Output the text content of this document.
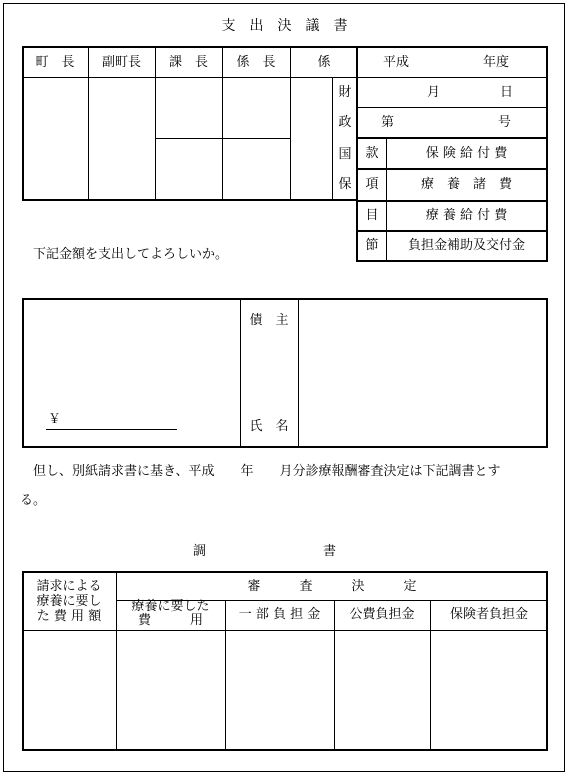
支　出　決　議　書
町　長	副町長	課　長	係　長	係
財
政
国
保
平成	年度
月	日
第	号
款	保 険 給 付 費
項	療　養　諸　費
目	療 養 給 付 費
節	負担金補助及交付金
下記金額を支出してよろしいか。
￥
債　主
氏　名
但し、別紙請求書に基き、平成　　年　　月分診療報酬審査決定は下記調書とす
る。
調　　　　　　　　　書
請求による
療養に要し
た 費 用 額
審　　　査　　　決　　　定
療養に要した
費　　　用	一 部 負 担 金	公費負担金	保険者負担金
